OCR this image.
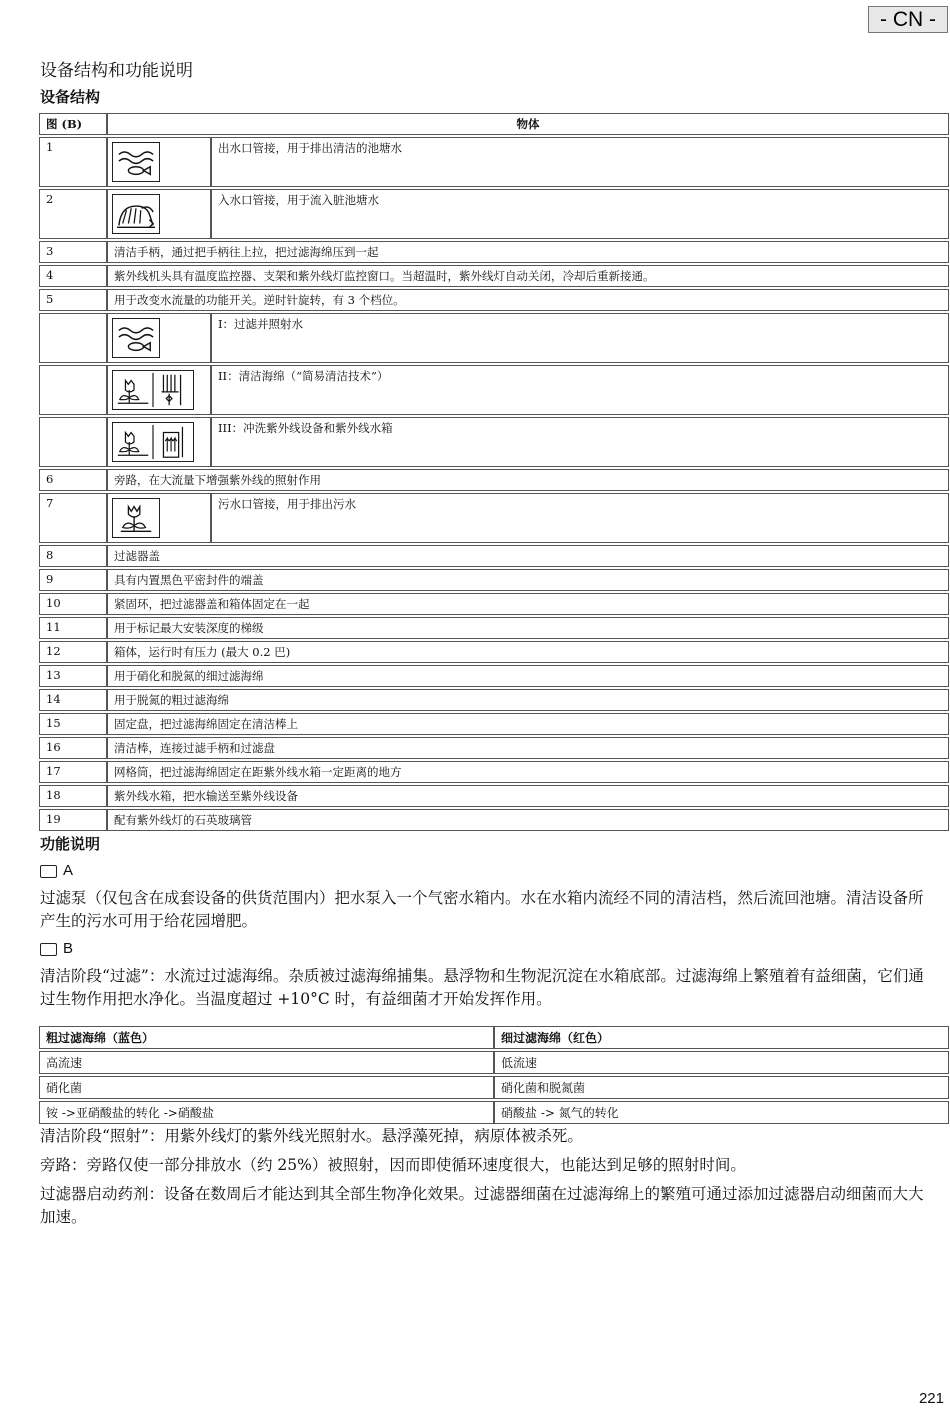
- CN -
设备结构和功能说明
设备结构
图 (B)	物体	
1		出水口管接，用于排出清洁的池塘水
2		入水口管接，用于流入脏池塘水
3	清洁手柄，通过把手柄往上拉，把过滤海绵压到一起	
4	紫外线机头具有温度监控器、支架和紫外线灯监控窗口。当超温时，紫外线灯自动关闭，冷却后重新接通。	
5	用于改变水流量的功能开关。逆时针旋转，有 3 个档位。	

	I：过滤并照射水

	II：清洁海绵（“简易清洁技术”）

	III：冲洗紫外线设备和紫外线水箱
6	旁路，在大流量下增强紫外线的照射作用	
7		污水口管接，用于排出污水
8	过滤器盖	
9	具有内置黑色平密封件的端盖	
10	紧固环，把过滤器盖和箱体固定在一起	
11	用于标记最大安装深度的梯级	
12	箱体，运行时有压力 (最大 0.2 巴)	
13	用于硝化和脱氮的细过滤海绵	
14	用于脱氮的粗过滤海绵	
15	固定盘，把过滤海绵固定在清洁棒上	
16	清洁棒，连接过滤手柄和过滤盘	
17	网格筒，把过滤海绵固定在距紫外线水箱一定距离的地方	
18	紫外线水箱，把水输送至紫外线设备	
19	配有紫外线灯的石英玻璃管	
功能说明
A
过滤泵（仅包含在成套设备的供货范围内）把水泵入一个气密水箱内。水在水箱内流经不同的清洁档，然后流回池塘。清洁设备所产生的污水可用于给花园增肥。
B
清洁阶段“过滤”：水流过过滤海绵。杂质被过滤海绵捕集。悬浮物和生物泥沉淀在水箱底部。过滤海绵上繁殖着有益细菌，它们通过生物作用把水净化。当温度超过 +10°C 时，有益细菌才开始发挥作用。
粗过滤海绵（蓝色）	细过滤海绵（红色）
高流速	低流速
硝化菌	硝化菌和脱氮菌
铵 ->亚硝酸盐的转化 ->硝酸盐	硝酸盐 -> 氮气的转化
清洁阶段“照射”：用紫外线灯的紫外线光照射水。悬浮藻死掉，病原体被杀死。
旁路：旁路仅使一部分排放水（约 25%）被照射，因而即使循环速度很大，也能达到足够的照射时间。
过滤器启动药剂：设备在数周后才能达到其全部生物净化效果。过滤器细菌在过滤海绵上的繁殖可通过添加过滤器启动细菌而大大加速。
221
